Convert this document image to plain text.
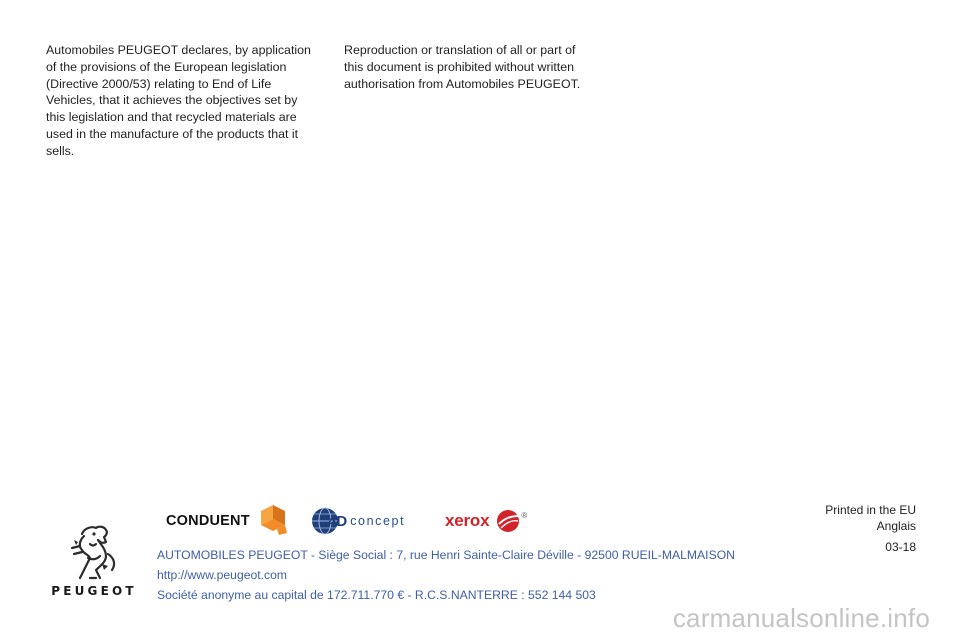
Automobiles PEUGEOT declares, by application
of the provisions of the European legislation
(Directive 2000/53) relating to End of Life
Vehicles, that it achieves the objectives set by
this legislation and that recycled materials are
used in the manufacture of the products that it
sells.
Reproduction or translation of all or part of
this document is prohibited without written
authorisation from Automobiles PEUGEOT.
Printed in the EU
Anglais
03-18
PEUGEOT
CONDUENT	4D concept xerox	®
AUTOMOBILES PEUGEOT - Siège Social : 7, rue Henri Sainte-Claire Déville - 92500 RUEIL-MALMAISON
http://www.peugeot.com
Société anonyme au capital de 172.711.770 € - R.C.S.NANTERRE : 552 144 503
carmanualsonline.info
